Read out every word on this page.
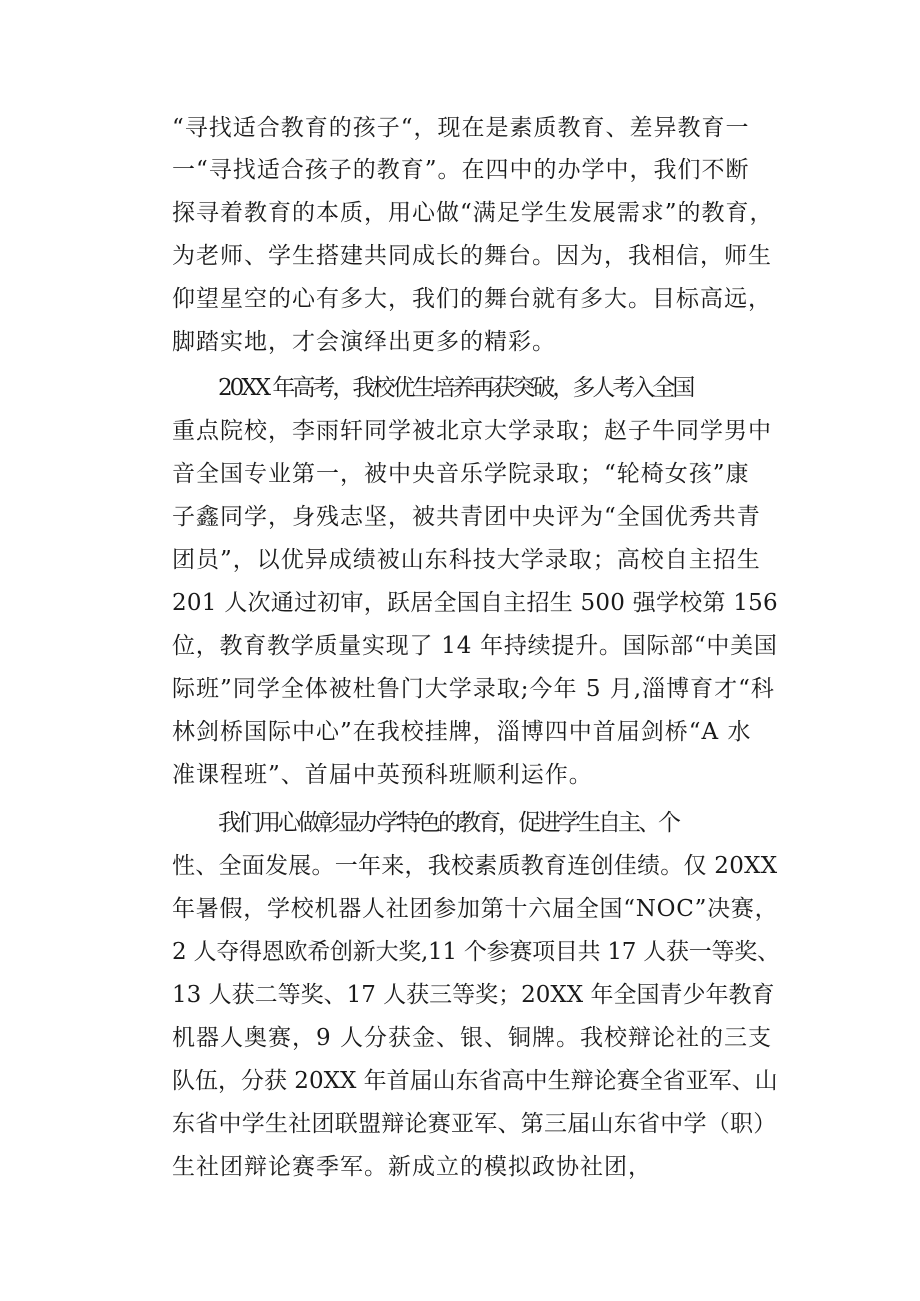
“寻找适合教育的孩子“，现在是素质教育、差异教育一
一“寻找适合孩子的教育”。在四中的办学中，我们不断
探寻着教育的本质，用心做“满足学生发展需求”的教育，
为老师、学生搭建共同成长的舞台。因为，我相信，师生
仰望星空的心有多大，我们的舞台就有多大。目标高远，
脚踏实地，才会演绎出更多的精彩。
20XX 年高考，我校优生培养再获突破，多人考入全国
重点院校，李雨轩同学被北京大学录取；赵子牛同学男中
音全国专业第一，被中央音乐学院录取；“轮椅女孩”康
子鑫同学，身残志坚，被共青团中央评为“全国优秀共青
团员”，以优异成绩被山东科技大学录取；高校自主招生
201 人次通过初审，跃居全国自主招生 500 强学校第 156
位，教育教学质量实现了 14 年持续提升。国际部“中美国
际班”同学全体被杜鲁门大学录取;今年 5 月,淄博育才“科
林剑桥国际中心”在我校挂牌，淄博四中首届剑桥“A 水
准课程班”、首届中英预科班顺利运作。
我们用心做彰显办学特色的教育，促进学生自主、个
性、全面发展。一年来，我校素质教育连创佳绩。仅 20XX
年暑假，学校机器人社团参加第十六届全国“NOC”决赛，
2 人夺得恩欧希创新大奖,11 个参赛项目共 17 人获一等奖、
13 人获二等奖、17 人获三等奖；20XX 年全国青少年教育
机器人奥赛，9 人分获金、银、铜牌。我校辩论社的三支
队伍，分获 20XX 年首届山东省高中生辩论赛全省亚军、山
东省中学生社团联盟辩论赛亚军、第三届山东省中学（职）
生社团辩论赛季军。新成立的模拟政协社团，
